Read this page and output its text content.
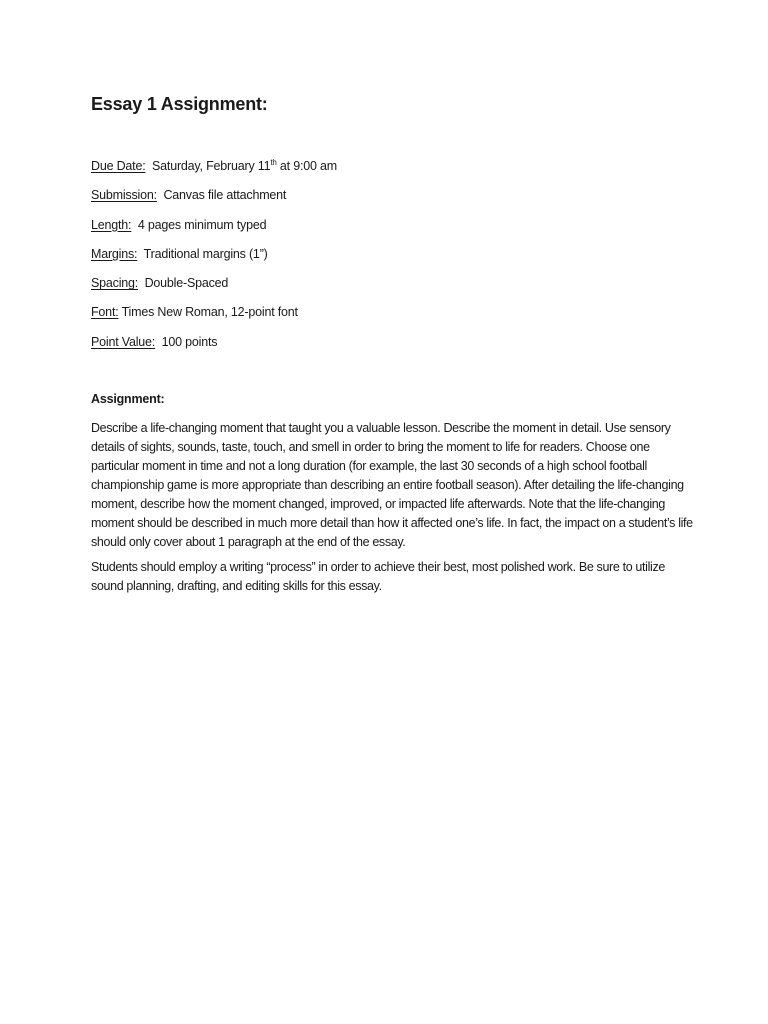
Essay 1 Assignment:
Due Date: Saturday, February 11th at 9:00 am
Submission: Canvas file attachment
Length: 4 pages minimum typed
Margins: Traditional margins (1”)
Spacing: Double-Spaced
Font: Times New Roman, 12-point font
Point Value: 100 points
Assignment:

Describe a life-changing moment that taught you a valuable lesson. Describe the moment in detail. Use sensory details of sights, sounds, taste, touch, and smell in order to bring the moment to life for readers. Choose one particular moment in time and not a long duration (for example, the last 30 seconds of a high school football championship game is more appropriate than describing an entire football season). After detailing the life-changing moment, describe how the moment changed, improved, or impacted life afterwards. Note that the life-changing moment should be described in much more detail than how it affected one’s life. In fact, the impact on a student’s life should only cover about 1 paragraph at the end of the essay.

Students should employ a writing “process” in order to achieve their best, most polished work. Be sure to utilize sound planning, drafting, and editing skills for this essay.
